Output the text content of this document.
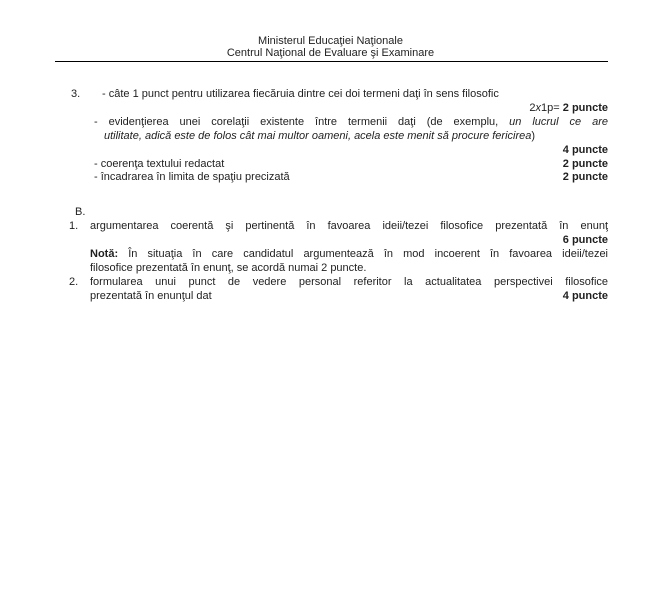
Ministerul Educaţiei Naţionale
Centrul Naţional de Evaluare şi Examinare
3.	- câte 1 punct pentru utilizarea fiecăruia dintre cei doi termeni daţi în sens filosofic
2x1p= 2 puncte
- evidenţierea unei corelaţii existente între termenii daţi (de exemplu, un lucrul ce are
utilitate, adică este de folos cât mai multor oameni, acela este menit să procure fericirea)
4 puncte
- coerenţa textului redactat	2 puncte
- încadrarea în limita de spaţiu precizată	2 puncte
B.
1.	argumentarea coerentă şi pertinentă în favoarea ideii/tezei filosofice prezentată în enunţ
6 puncte
Notă: În situaţia în care candidatul argumentează în mod incoerent în favoarea ideii/tezei
filosofice prezentată în enunţ, se acordă numai 2 puncte.
2.	formularea unui punct de vedere personal referitor la actualitatea perspectivei filosofice
prezentată în enunţul dat	4 puncte
